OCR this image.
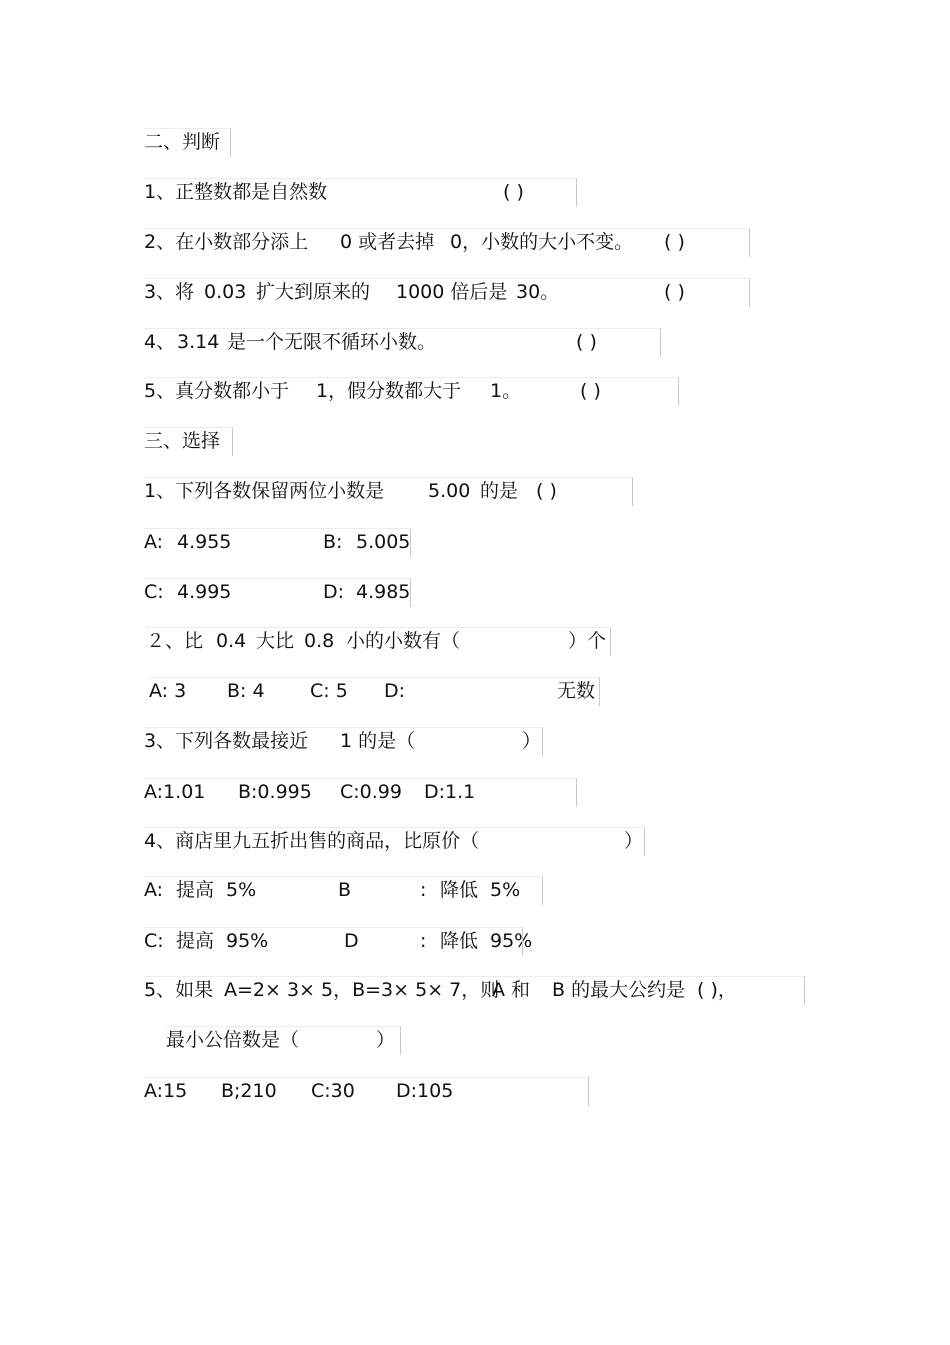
二、判断
1、正整数都是自然数	( )
2、在小数部分添上 0 或者去掉 0，小数的大小不变。 ( )
3、将 0.03 扩大到原来的 1000 倍后是 30。	( )
4、 3.14 是一个无限不循环小数。	( )
5、真分数都小于 1，假分数都大于 1。	( )
三、选择
1、下列各数保留两位小数是 5.00 的是 ( )
A: 4.955	B: 5.005
C: 4.995	D: 4.985
２、比 0.4 大比 0.8 小的小数有（	）个
A: 3 B: 4 C: 5 D:	无数
3、下列各数最接近 1 的是（	）
A:1.01 B:0.995 C:0.99 D:1.1
4、商店里九五折出售的商品，比原价（	）
A: 提高 5%	B	: 降低 5%
C: 提高 95%	D	: 降低 95%
5、如果 A=2× 3× 5，B=3× 5× 7，则
A 和 B 的最大公约是 ( )，
最小公倍数是（	）
A:15 B;210 C:30 D:105
